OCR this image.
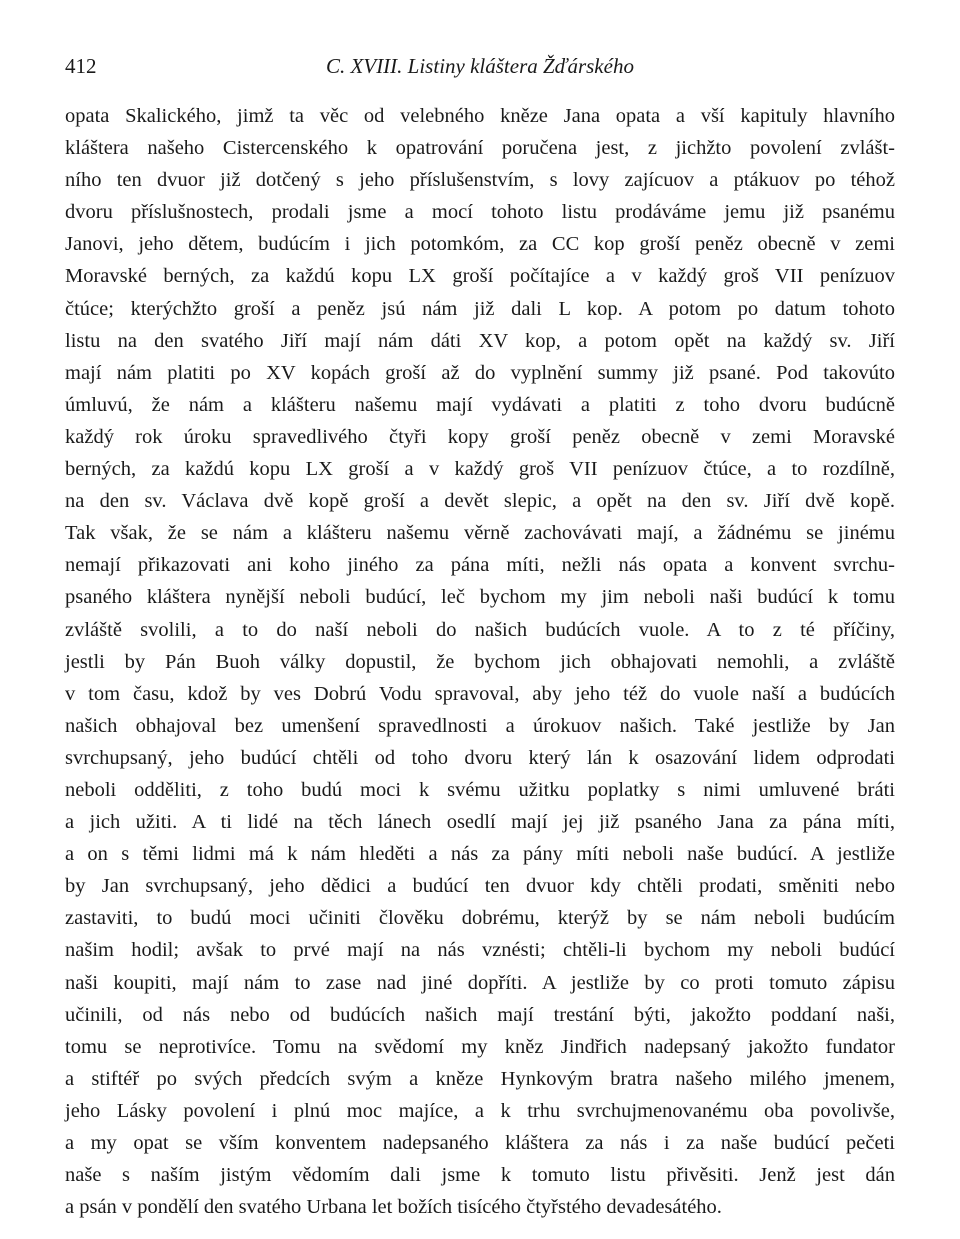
412	C. XVIII. Listiny kláštera Žďárského
opata Skalického, jimž ta věc od velebného kněze Jana opata a vší kapituly hlavního
kláštera našeho Cistercenského k opatrování poručena jest, z jichžto povolení zvlášt-
ního ten dvuor již dotčený s jeho příslušenstvím, s lovy zajícuov a ptákuov po téhož
dvoru příslušnostech, prodali jsme a mocí tohoto listu prodáváme jemu již psanému
Janovi, jeho dětem, budúcím i jich potomkóm, za CC kop groší peněz obecně v zemi
Moravské berných, za každú kopu LX groší počítajíce a v každý groš VII penízuov
čtúce; kterýchžto groší a peněz jsú nám již dali L kop. A potom po datum tohoto
listu na den svatého Jiří mají nám dáti XV kop, a potom opět na každý sv. Jiří
mají nám platiti po XV kopách groší až do vyplnění summy již psané. Pod takovúto
úmluvú, že nám a klášteru našemu mají vydávati a platiti z toho dvoru budúcně
každý rok úroku spravedlivého čtyři kopy groší peněz obecně v zemi Moravské
berných, za každú kopu LX groší a v každý groš VII penízuov čtúce, a to rozdílně,
na den sv. Václava dvě kopě groší a devět slepic, a opět na den sv. Jiří dvě kopě.
Tak však, že se nám a klášteru našemu věrně zachovávati mají, a žádnému se jinému
nemají přikazovati ani koho jiného za pána míti, nežli nás opata a konvent svrchu-
psaného kláštera nynější neboli budúcí, leč bychom my jim neboli naši budúcí k tomu
zvláště svolili, a to do naší neboli do našich budúcích vuole. A to z té příčiny,
jestli by Pán Buoh války dopustil, že bychom jich obhajovati nemohli, a zvláště
v tom času, kdož by ves Dobrú Vodu spravoval, aby jeho též do vuole naší a budúcích
našich obhajoval bez umenšení spravedlnosti a úrokuov našich. Také jestliže by Jan
svrchupsaný, jeho budúcí chtěli od toho dvoru který lán k osazování lidem odprodati
neboli odděliti, z toho budú moci k svému užitku poplatky s nimi umluvené bráti
a jich užiti. A ti lidé na těch lánech osedlí mají jej již psaného Jana za pána míti,
a on s těmi lidmi má k nám hleděti a nás za pány míti neboli naše budúcí. A jestliže
by Jan svrchupsaný, jeho dědici a budúcí ten dvuor kdy chtěli prodati, směniti nebo
zastaviti, to budú moci učiniti člověku dobrému, kterýž by se nám neboli budúcím
našim hodil; avšak to prvé mají na nás vznésti; chtěli-li bychom my neboli budúcí
naši koupiti, mají nám to zase nad jiné dopříti. A jestliže by co proti tomuto zápisu
učinili, od nás nebo od budúcích našich mají trestání býti, jakožto poddaní naši,
tomu se neprotivíce. Tomu na svědomí my kněz Jindřich nadepsaný jakožto fundator
a stiftéř po svých předcích svým a kněze Hynkovým bratra našeho milého jmenem,
jeho Lásky povolení i plnú moc majíce, a k trhu svrchujmenovanému oba povolivše,
a my opat se vším konventem nadepsaného kláštera za nás i za naše budúcí pečeti
naše s naším jistým vědomím dali jsme k tomuto listu přivěsiti. Jenž jest dán
a psán v pondělí den svatého Urbana let božích tisícého čtyřstého devadesátého.
